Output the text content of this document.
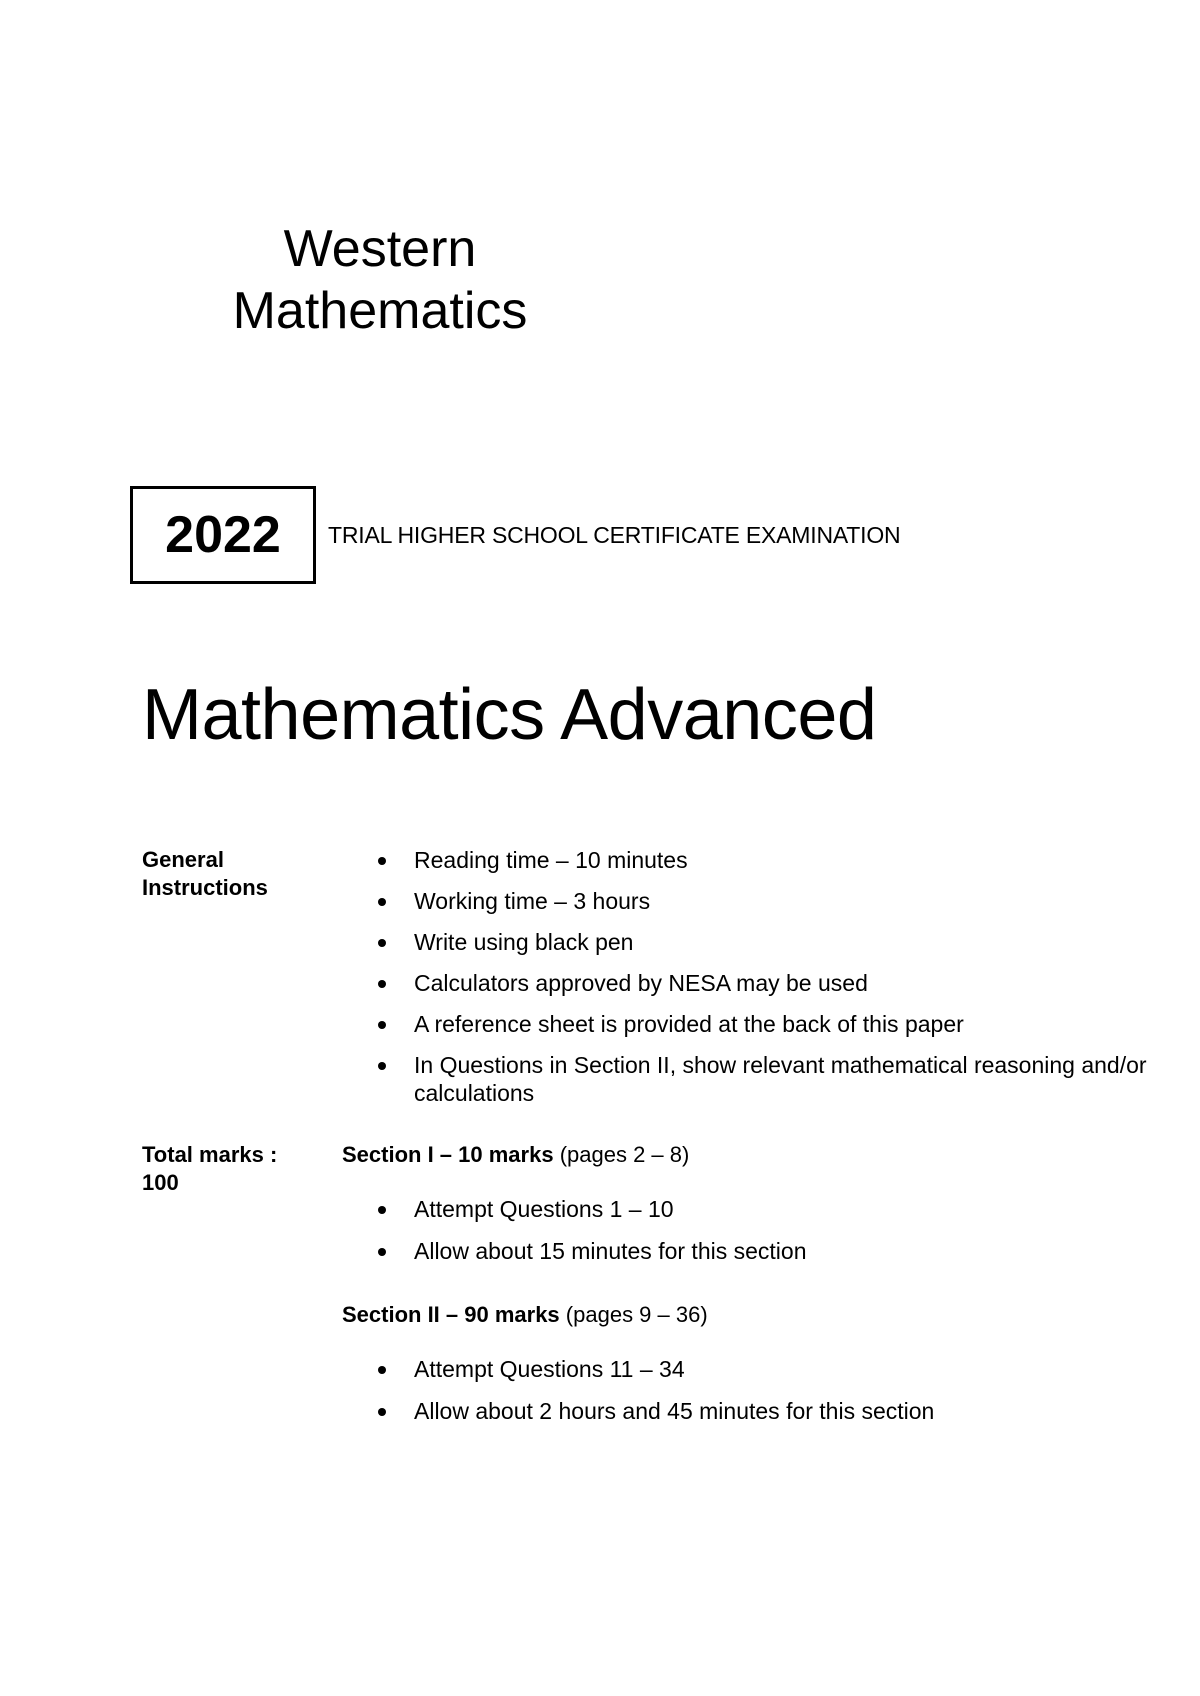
Western
Mathematics
2022	TRIAL HIGHER SCHOOL CERTIFICATE EXAMINATION
Mathematics Advanced
General
Instructions
Reading time – 10 minutes
Working time – 3 hours
Write using black pen
Calculators approved by NESA may be used
A reference sheet is provided at the back of this paper
In Questions in Section II, show relevant mathematical reasoning and/or calculations
Total marks :
100
Section I – 10 marks (pages 2 – 8)
Attempt Questions 1 – 10
Allow about 15 minutes for this section
Section II – 90 marks (pages 9 – 36)
Attempt Questions 11 – 34
Allow about 2 hours and 45 minutes for this section
